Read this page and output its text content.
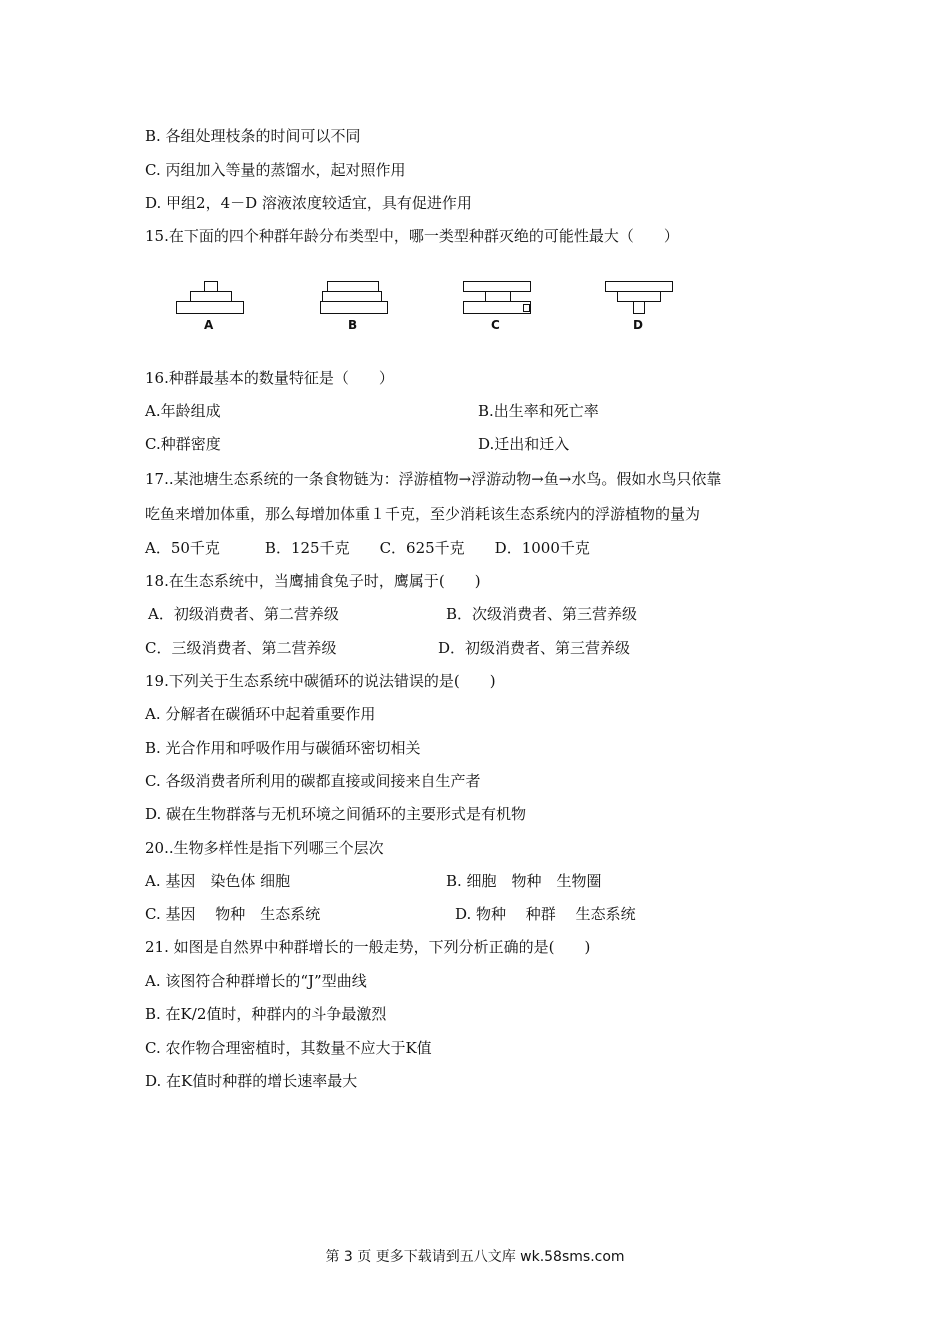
B. 各组处理枝条的时间可以不同
C. 丙组加入等量的蒸馏水，起对照作用
D. 甲组2，4－D 溶液浓度较适宜，具有促进作用
15.在下面的四个种群年龄分布类型中，哪一类型种群灭绝的可能性最大（　　）
A	B	C	D
16.种群最基本的数量特征是（　　）
A.年龄组成	B.出生率和死亡率
C.种群密度	D.迁出和迁入
17..某池塘生态系统的一条食物链为：浮游植物→浮游动物→鱼→水鸟。假如水鸟只依靠
吃鱼来增加体重，那么每增加体重１千克，至少消耗该生态系统内的浮游植物的量为
A．50千克　　　B．125千克　　C．625千克　　D．1000千克
18.在生态系统中，当鹰捕食兔子时，鹰属于(　　)
A．初级消费者、第二营养级	B．次级消费者、第三营养级
C．三级消费者、第二营养级	D．初级消费者、第三营养级
19.下列关于生态系统中碳循环的说法错误的是(　　)
A. 分解者在碳循环中起着重要作用
B. 光合作用和呼吸作用与碳循环密切相关
C. 各级消费者所利用的碳都直接或间接来自生产者
D. 碳在生物群落与无机环境之间循环的主要形式是有机物
20..生物多样性是指下列哪三个层次
A. 基因　染色体 细胞	B. 细胞　物种　生物圈
C. 基因　 物种　生态系统	D. 物种　 种群　 生态系统
21. 如图是自然界中种群增长的一般走势，下列分析正确的是(　　)
A. 该图符合种群增长的“J”型曲线
B. 在K/2值时，种群内的斗争最激烈
C. 农作物合理密植时，其数量不应大于K值
D. 在K值时种群的增长速率最大
第 3 页 更多下载请到五八文库 wk.58sms.com
